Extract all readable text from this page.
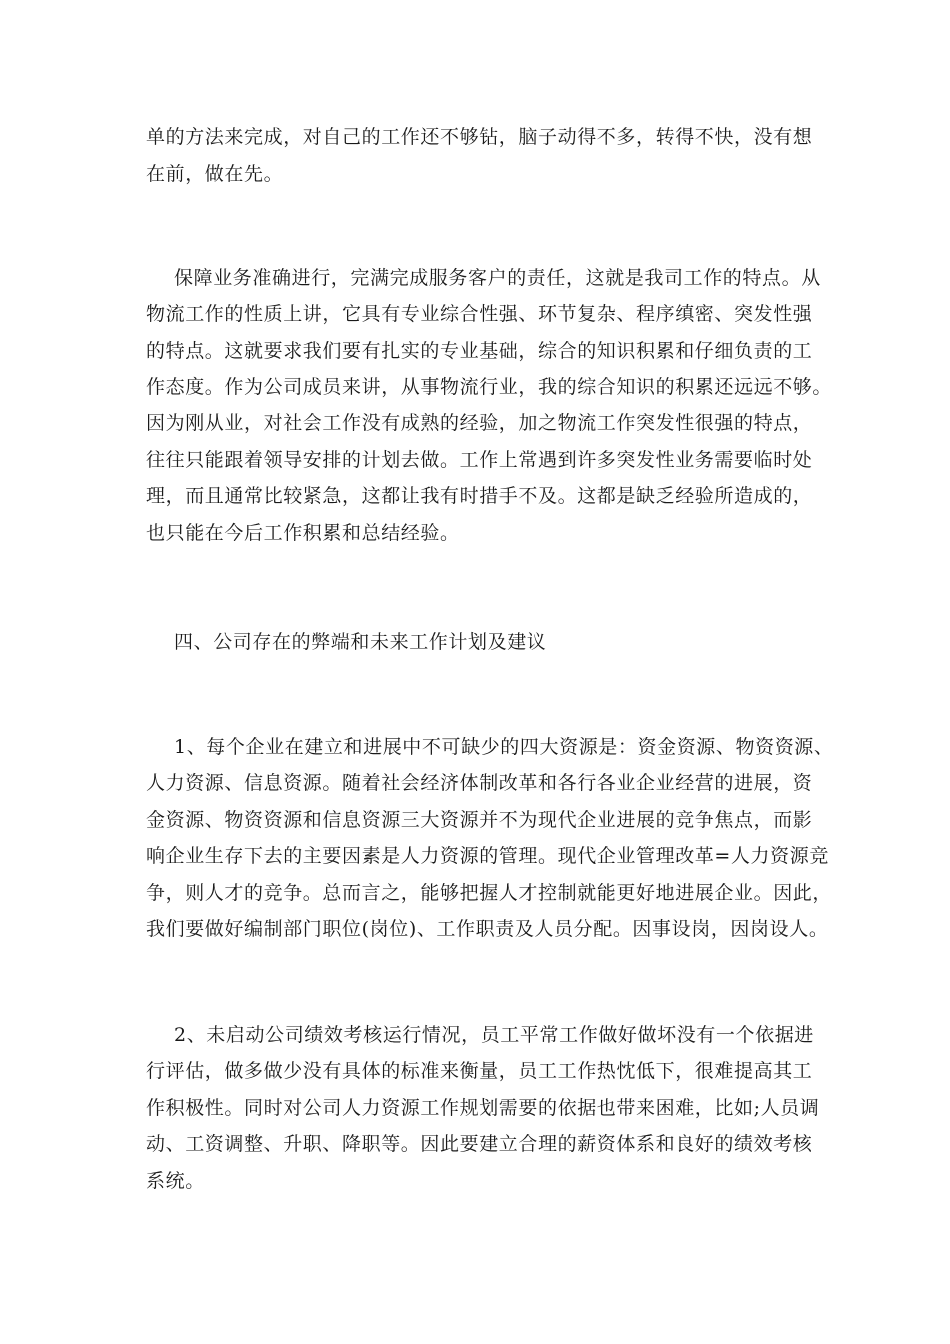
单的方法来完成，对自己的工作还不够钻，脑子动得不多，转得不快，没有想
在前，做在先。
保障业务准确进行，完满完成服务客户的责任，这就是我司工作的特点。从
物流工作的性质上讲，它具有专业综合性强、环节复杂、程序缜密、突发性强
的特点。这就要求我们要有扎实的专业基础，综合的知识积累和仔细负责的工
作态度。作为公司成员来讲，从事物流行业，我的综合知识的积累还远远不够。
因为刚从业，对社会工作没有成熟的经验，加之物流工作突发性很强的特点，
往往只能跟着领导安排的计划去做。工作上常遇到许多突发性业务需要临时处
理，而且通常比较紧急，这都让我有时措手不及。这都是缺乏经验所造成的，
也只能在今后工作积累和总结经验。
四、公司存在的弊端和未来工作计划及建议
1、每个企业在建立和进展中不可缺少的四大资源是：资金资源、物资资源、
人力资源、信息资源。随着社会经济体制改革和各行各业企业经营的进展，资
金资源、物资资源和信息资源三大资源并不为现代企业进展的竞争焦点，而影
响企业生存下去的主要因素是人力资源的管理。现代企业管理改革=人力资源竞
争，则人才的竞争。总而言之，能够把握人才控制就能更好地进展企业。因此，
我们要做好编制部门职位(岗位)、工作职责及人员分配。因事设岗，因岗设人。
2、未启动公司绩效考核运行情况，员工平常工作做好做坏没有一个依据进
行评估，做多做少没有具体的标准来衡量，员工工作热忱低下，很难提高其工
作积极性。同时对公司人力资源工作规划需要的依据也带来困难，比如;人员调
动、工资调整、升职、降职等。因此要建立合理的薪资体系和良好的绩效考核
系统。
